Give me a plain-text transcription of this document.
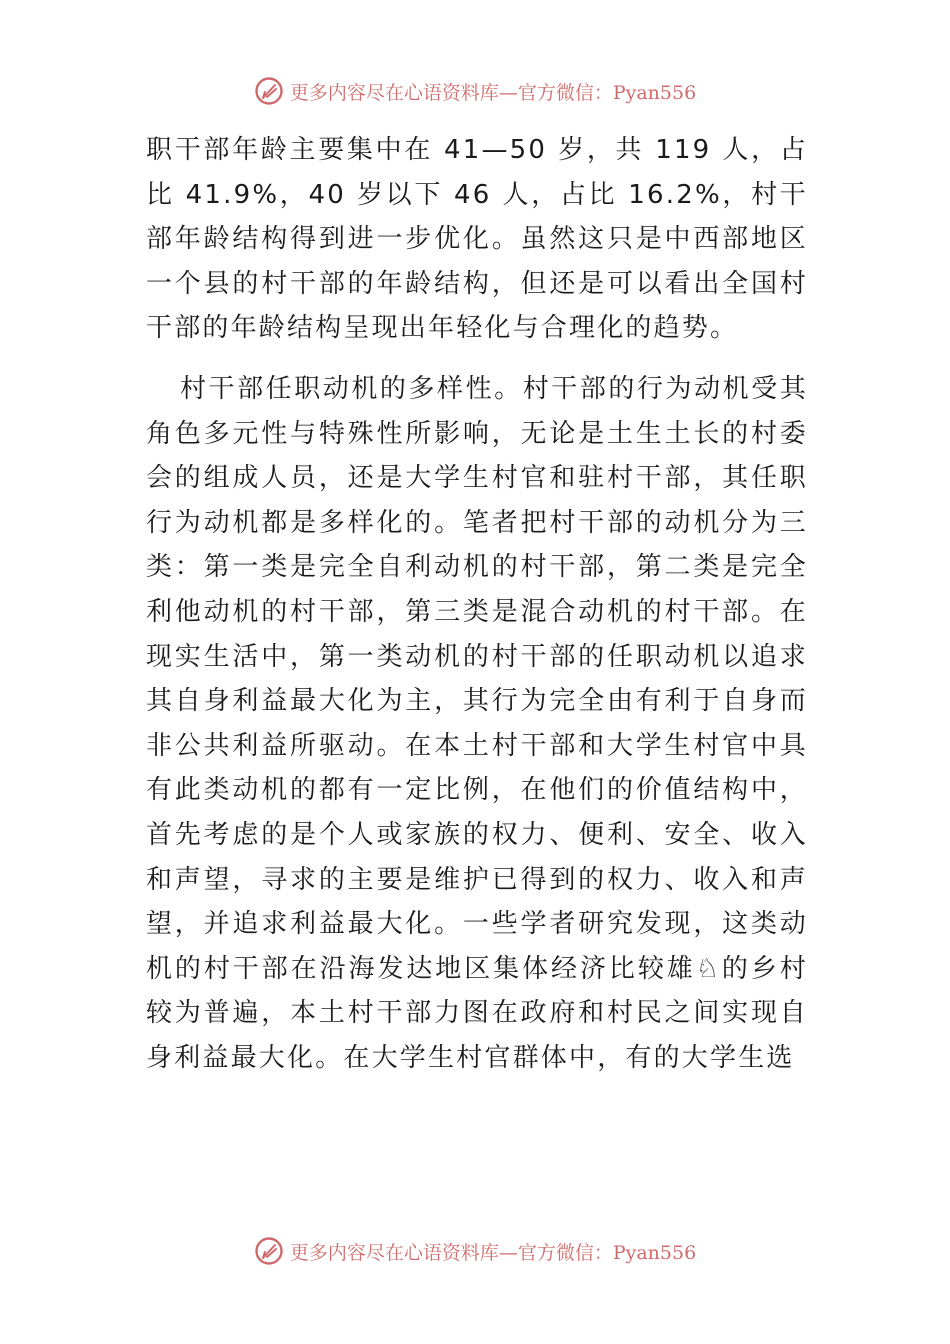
更多内容尽在心语资料库—官方微信：Pyan556

职干部年龄主要集中在 41—50 岁，共 119 人，占比 41.9%，40 岁以下 46 人，占比 16.2%，村干部年龄结构得到进一步优化。虽然这只是中西部地区一个县的村干部的年龄结构，但还是可以看出全国村干部的年龄结构呈现出年轻化与合理化的趋势。

村干部任职动机的多样性。村干部的行为动机受其角色多元性与特殊性所影响，无论是土生土长的村委会的组成人员，还是大学生村官和驻村干部，其任职行为动机都是多样化的。笔者把村干部的动机分为三类：第一类是完全自利动机的村干部，第二类是完全利他动机的村干部，第三类是混合动机的村干部。在现实生活中，第一类动机的村干部的任职动机以追求其自身利益最大化为主，其行为完全由有利于自身而非公共利益所驱动。在本土村干部和大学生村官中具有此类动机的都有一定比例，在他们的价值结构中，首先考虑的是个人或家族的权力、便利、安全、收入和声望，寻求的主要是维护已得到的权力、收入和声望，并追求利益最大化。一些学者研究发现，这类动机的村干部在沿海发达地区集体经济比较雄♘的乡村较为普遍，本土村干部力图在政府和村民之间实现自身利益最大化。在大学生村官群体中，有的大学生选

更多内容尽在心语资料库—官方微信：Pyan556
